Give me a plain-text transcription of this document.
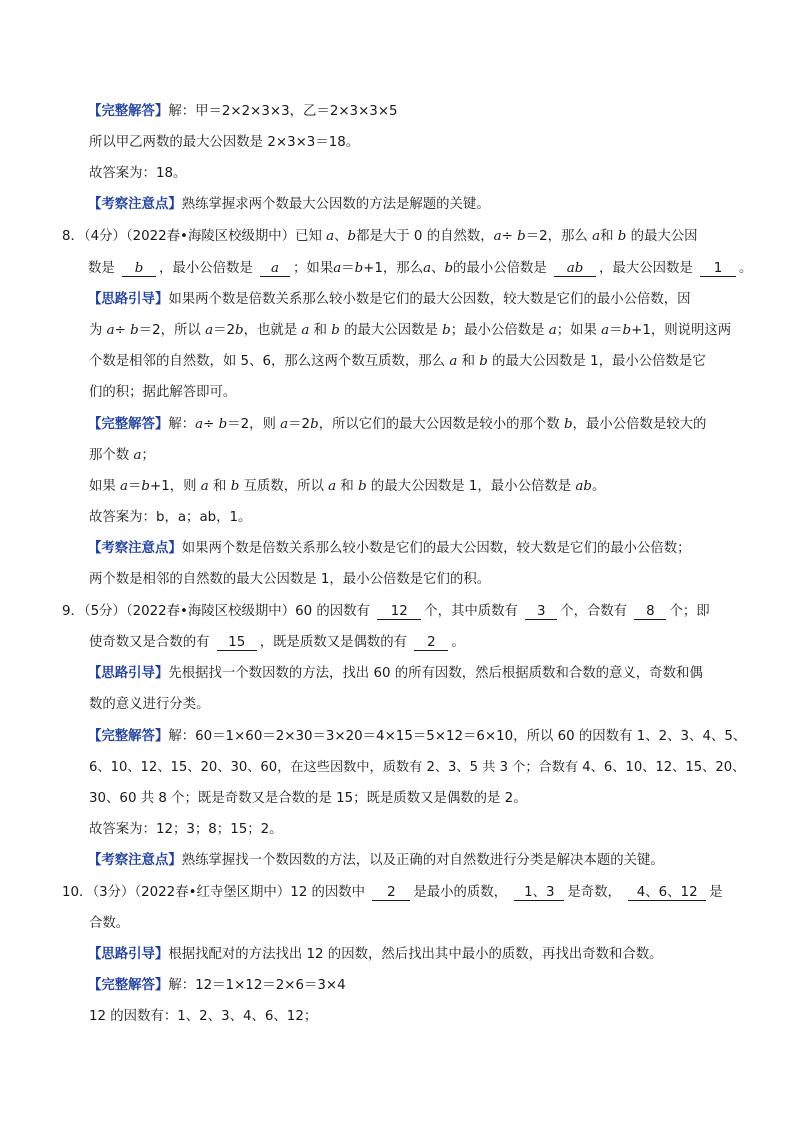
【完整解答】解：甲＝2×2×3×3，乙＝2×3×3×5
所以甲乙两数的最大公因数是 2×3×3＝18。
故答案为：18。
【考察注意点】熟练掌握求两个数最大公因数的方法是解题的关键。
8．（4分）（2022春•海陵区校级期中）已知 a、b都是大于 0 的自然数，a÷ b＝2，那么 a和 b 的最大公因
数是 b ，最小公倍数是 a ；如果a＝b+1，那么a、b的最小公倍数是 ab ，最大公因数是 1 。
【思路引导】如果两个数是倍数关系那么较小数是它们的最大公因数，较大数是它们的最小公倍数，因
为 a÷ b＝2，所以 a＝2b，也就是 a 和 b 的最大公因数是 b；最小公倍数是 a；如果 a＝b+1，则说明这两
个数是相邻的自然数，如 5、6，那么这两个数互质数，那么 a 和 b 的最大公因数是 1，最小公倍数是它
们的积；据此解答即可。
【完整解答】解：a÷ b＝2，则 a＝2b，所以它们的最大公因数是较小的那个数 b，最小公倍数是较大的
那个数 a；
如果 a＝b+1，则 a 和 b 互质数，所以 a 和 b 的最大公因数是 1，最小公倍数是 ab。
故答案为：b，a；ab，1。
【考察注意点】如果两个数是倍数关系那么较小数是它们的最大公因数，较大数是它们的最小公倍数；
两个数是相邻的自然数的最大公因数是 1，最小公倍数是它们的积。
9．（5分）（2022春•海陵区校级期中）60 的因数有 12 个，其中质数有 3 个，合数有 8 个；即
使奇数又是合数的有 15 ，既是质数又是偶数的有 2 。
【思路引导】先根据找一个数因数的方法，找出 60 的所有因数，然后根据质数和合数的意义，奇数和偶
数的意义进行分类。
【完整解答】解：60＝1×60＝2×30＝3×20＝4×15＝5×12＝6×10，所以 60 的因数有 1、2、3、4、5、
6、10、12、15、20、30、60，在这些因数中，质数有 2、3、5 共 3 个；合数有 4、6、10、12、15、20、
30、60 共 8 个；既是奇数又是合数的是 15；既是质数又是偶数的是 2。
故答案为：12；3；8；15；2。
【考察注意点】熟练掌握找一个数因数的方法，以及正确的对自然数进行分类是解决本题的关键。
10．（3分）（2022春•红寺堡区期中）12 的因数中 2 是最小的质数， 1、3 是奇数， 4、6、12 是
合数。
【思路引导】根据找配对的方法找出 12 的因数，然后找出其中最小的质数，再找出奇数和合数。
【完整解答】解：12＝1×12＝2×6＝3×4
12 的因数有：1、2、3、4、6、12；
